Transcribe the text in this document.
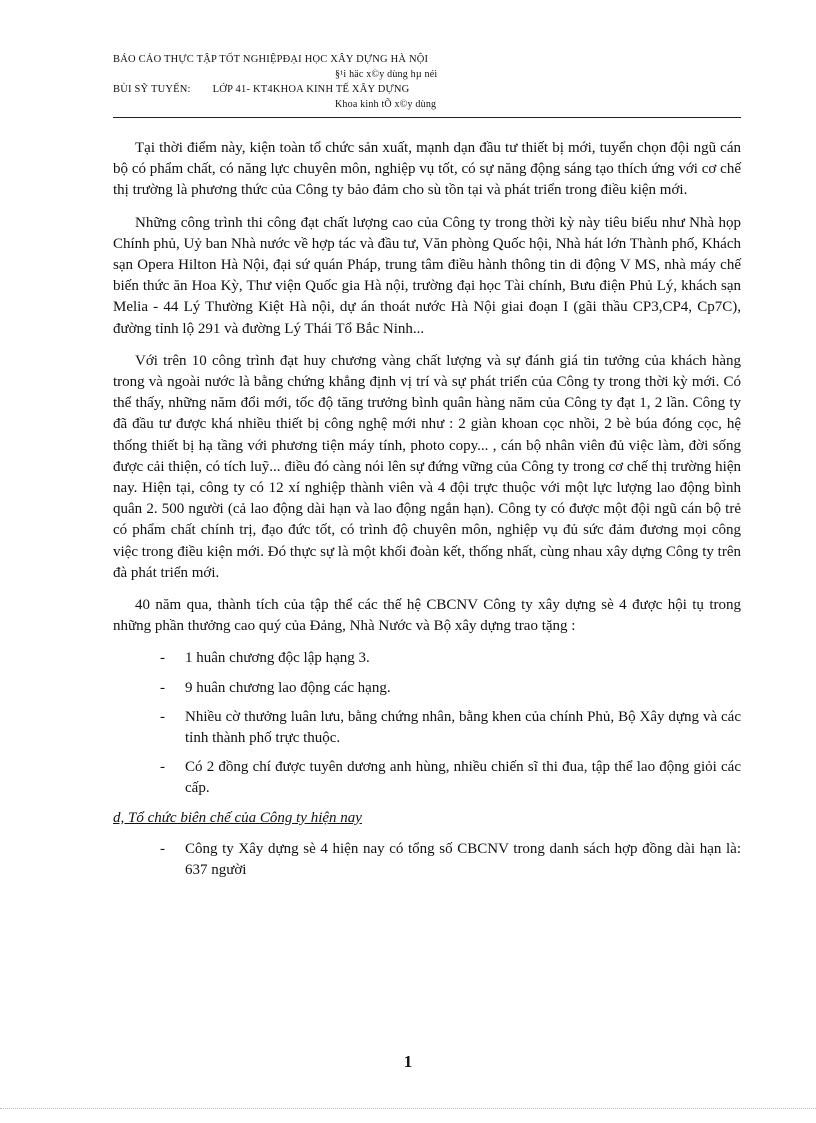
BÁO CÁO THỰC TẬP TỐT NGHIỆPĐẠI HỌC XÂY DỰNG HÀ NỘI
§¹i häc x©y dùng hµ néi
BÙI SỸ TUYẾN: LỚP 41- KT4KHOA KINH TẾ XÂY DỰNG
Khoa kinh tÕ x©y dùng

Tại thời điểm này, kiện toàn tổ chức sản xuất, mạnh dạn đầu tư thiết bị mới, tuyển chọn đội ngũ cán bộ có phẩm chất, có năng lực chuyên môn, nghiệp vụ tốt, có sự năng động sáng tạo thích ứng với cơ chế thị trường là phương thức của Công ty bảo đảm cho sù tồn tại và phát triển trong điều kiện mới.

Những công trình thi công đạt chất lượng cao của Công ty trong thời kỳ này tiêu biểu như Nhà họp Chính phủ, Uỷ ban Nhà nước về hợp tác và đầu tư, Văn phòng Quốc hội, Nhà hát lớn Thành phố, Khách sạn Opera Hilton Hà Nội, đại sứ quán Pháp, trung tâm điều hành thông tin di động V MS, nhà máy chế biến thức ăn Hoa Kỳ, Thư viện Quốc gia Hà nội, trường đại học Tài chính, Bưu điện Phủ Lý, khách sạn Melia - 44 Lý Thường Kiệt Hà nội, dự án thoát nước Hà Nội giai đoạn I (gãi thầu CP3,CP4, Cp7C), đường tỉnh lộ 291 và đường Lý Thái Tổ Bắc Ninh...

Với trên 10 công trình đạt huy chương vàng chất lượng và sự đánh giá tin tưởng của khách hàng trong và ngoài nước là bằng chứng khẳng định vị trí và sự phát triển của Công ty trong thời kỳ mới. Có thể thấy, những năm đổi mới, tốc độ tăng trưởng bình quân hàng năm của Công ty đạt 1, 2 lần. Công ty đã đầu tư được khá nhiều thiết bị công nghệ mới như : 2 giàn khoan cọc nhồi, 2 bè búa đóng cọc, hệ thống thiết bị hạ tầng với phương tiện máy tính, photo copy... , cán bộ nhân viên đủ việc làm, đời sống được cải thiện, có tích luỹ... điều đó càng nói lên sự đứng vững của Công ty trong cơ chế thị trường hiện nay. Hiện tại, công ty có 12 xí nghiệp thành viên và 4 đội trực thuộc với một lực lượng lao động bình quân 2. 500 người (cả lao động dài hạn và lao động ngắn hạn). Công ty có được một đội ngũ cán bộ trẻ có phẩm chất chính trị, đạo đức tốt, có trình độ chuyên môn, nghiệp vụ đủ sức đảm đương mọi công việc trong điều kiện mới. Đó thực sự là một khối đoàn kết, thống nhất, cùng nhau xây dựng Công ty trên đà phát triển mới.

40 năm qua, thành tích của tập thể các thế hệ CBCNV Công ty xây dựng sè 4 được hội tụ trong những phần thưởng cao quý của Đảng, Nhà Nước và Bộ xây dựng trao tặng :

- 1 huân chương độc lập hạng 3.
- 9 huân chương lao động các hạng.
- Nhiều cờ thưởng luân lưu, bằng chứng nhân, bằng khen của chính Phủ, Bộ Xây dựng và các tỉnh thành phố trực thuộc.
- Có 2 đồng chí được tuyên dương anh hùng, nhiều chiến sĩ thi đua, tập thể lao động giỏi các cấp.
d, Tổ chức biên chế của Công ty hiện nay
- Công ty Xây dựng sè 4 hiện nay có tổng số CBCNV trong danh sách hợp đồng dài hạn là: 637 người
1
